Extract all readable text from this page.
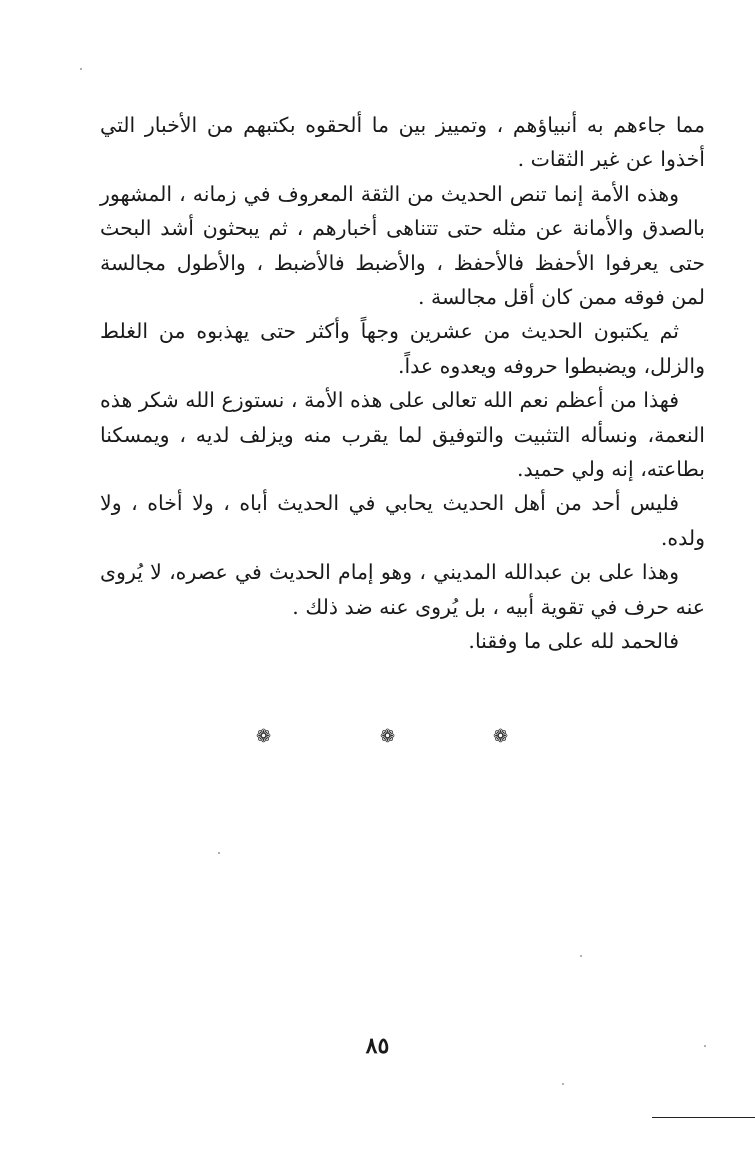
مما جاءهم به أنبياؤهم ، وتمييز بين ما ألحقوه بكتبهم من الأخبار التي أخذوا عن غير الثقات .

وهذه الأمة إنما تنص الحديث من الثقة المعروف في زمانه ، المشهور بالصدق والأمانة عن مثله حتى تتناهى أخبارهم ، ثم يبحثون أشد البحث حتى يعرفوا الأحفظ فالأحفظ ، والأضبط فالأضبط ، والأطول مجالسة لمن فوقه ممن كان أقل مجالسة .

ثم يكتبون الحديث من عشرين وجهاً وأكثر حتى يهذبوه من الغلط والزلل، ويضبطوا حروفه ويعدوه عداً.

فهذا من أعظم نعم الله تعالى على هذه الأمة ، نستوزع الله شكر هذه النعمة، ونسأله التثبيت والتوفيق لما يقرب منه ويزلف لديه ، ويمسكنا بطاعته، إنه ولي حميد.

فليس أحد من أهل الحديث يحابي في الحديث أباه ، ولا أخاه ، ولا ولده.

وهذا على بن عبدالله المديني ، وهو إمام الحديث في عصره، لا يُروى عنه حرف في تقوية أبيه ، بل يُروى عنه ضد ذلك .

فالحمد لله على ما وفقنا.

❁	❁	❁
٨٥
